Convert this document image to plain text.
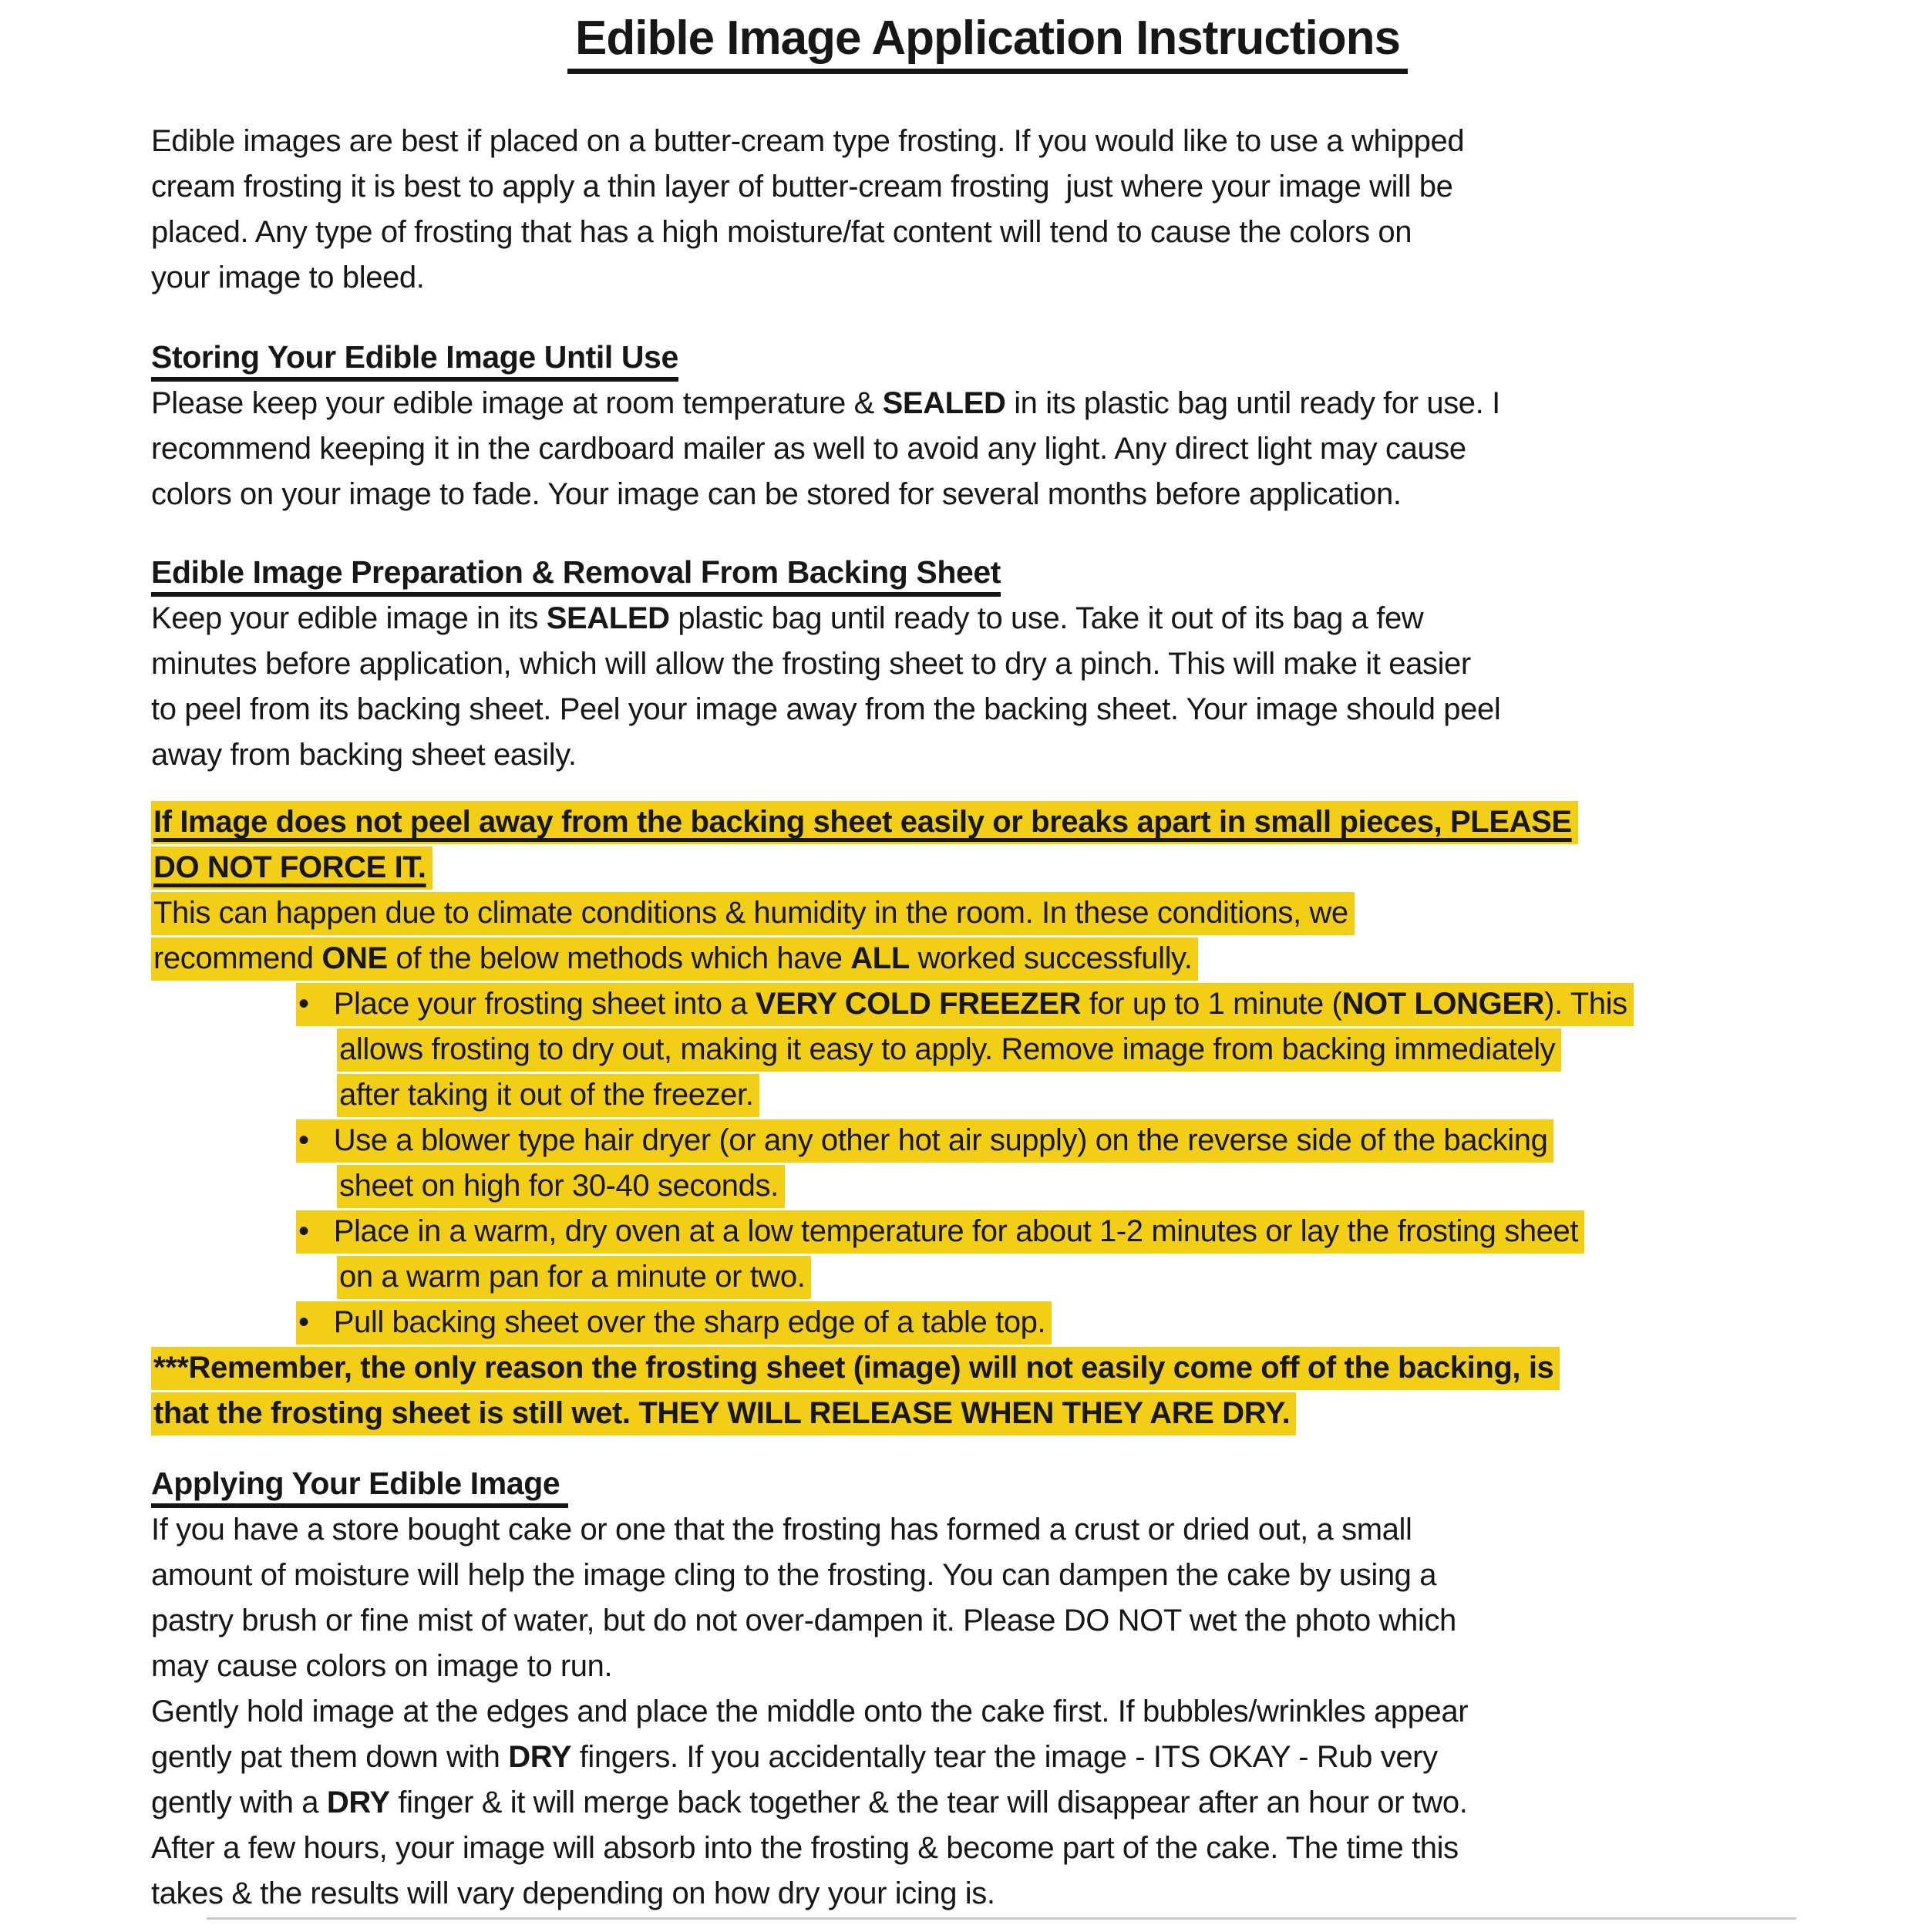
Edible Image Application Instructions
Edible images are best if placed on a butter-cream type frosting. If you would like to use a whipped
cream frosting it is best to apply a thin layer of butter-cream frosting  just where your image will be
placed. Any type of frosting that has a high moisture/fat content will tend to cause the colors on
your image to bleed.
Storing Your Edible Image Until Use
Please keep your edible image at room temperature & SEALED in its plastic bag until ready for use. I
recommend keeping it in the cardboard mailer as well to avoid any light. Any direct light may cause
colors on your image to fade. Your image can be stored for several months before application.
Edible Image Preparation & Removal From Backing Sheet
Keep your edible image in its SEALED plastic bag until ready to use. Take it out of its bag a few
minutes before application, which will allow the frosting sheet to dry a pinch. This will make it easier
to peel from its backing sheet. Peel your image away from the backing sheet. Your image should peel
away from backing sheet easily.
If Image does not peel away from the backing sheet easily or breaks apart in small pieces, PLEASE
DO NOT FORCE IT.
This can happen due to climate conditions & humidity in the room. In these conditions, we
recommend ONE of the below methods which have ALL worked successfully.
•   Place your frosting sheet into a VERY COLD FREEZER for up to 1 minute (NOT LONGER). This
allows frosting to dry out, making it easy to apply. Remove image from backing immediately
after taking it out of the freezer.
•   Use a blower type hair dryer (or any other hot air supply) on the reverse side of the backing
sheet on high for 30-40 seconds.
•   Place in a warm, dry oven at a low temperature for about 1-2 minutes or lay the frosting sheet
on a warm pan for a minute or two.
•   Pull backing sheet over the sharp edge of a table top.
***Remember, the only reason the frosting sheet (image) will not easily come off of the backing, is
that the frosting sheet is still wet. THEY WILL RELEASE WHEN THEY ARE DRY.
Applying Your Edible Image
If you have a store bought cake or one that the frosting has formed a crust or dried out, a small
amount of moisture will help the image cling to the frosting. You can dampen the cake by using a
pastry brush or fine mist of water, but do not over-dampen it. Please DO NOT wet the photo which
may cause colors on image to run.
Gently hold image at the edges and place the middle onto the cake first. If bubbles/wrinkles appear
gently pat them down with DRY fingers. If you accidentally tear the image - ITS OKAY - Rub very
gently with a DRY finger & it will merge back together & the tear will disappear after an hour or two.
After a few hours, your image will absorb into the frosting & become part of the cake. The time this
takes & the results will vary depending on how dry your icing is.
